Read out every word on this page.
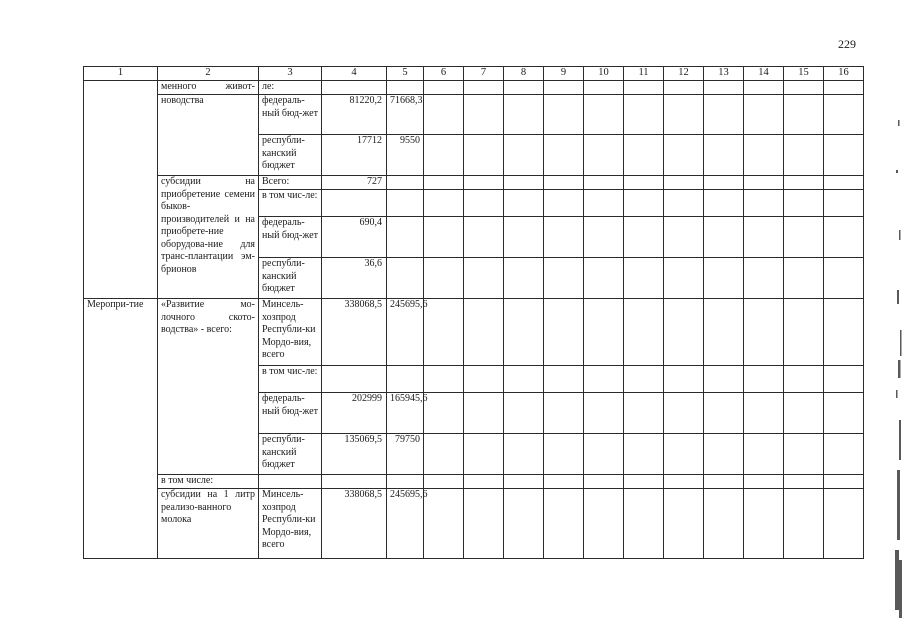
229
1	2	3	4	5	6	7	8	9	10	11	12	13	14	15	16
	менного живот-	ле:													
	новодства	федераль-ный бюд-жет	81220,2	71668,3											
		республи-канский бюджет	17712	9550											
	субсидии на приобретение семени быков-производителей и на приобрете-ние оборудова-ние для транс-плантации эм-брионов	Всего:	727												
		в том чис-ле:													
		федераль-ный бюд-жет	690,4												
		республи-канский бюджет	36,6												
Меропри-тие	«Развитие мо-лочного ското-водства» - всего:	Минсель-хозпрод Республи-ки Мордо-вия, всего	338068,5	245695,6											
		в том чис-ле:													
		федераль-ный бюд-жет	202999	165945,6											
		республи-канский бюджет	135069,5	79750											
	в том числе:														
	субсидии на 1 литр реализо-ванного молока	Минсель-хозпрод Республи-ки Мордо-вия, всего	338068,5	245695,6											
